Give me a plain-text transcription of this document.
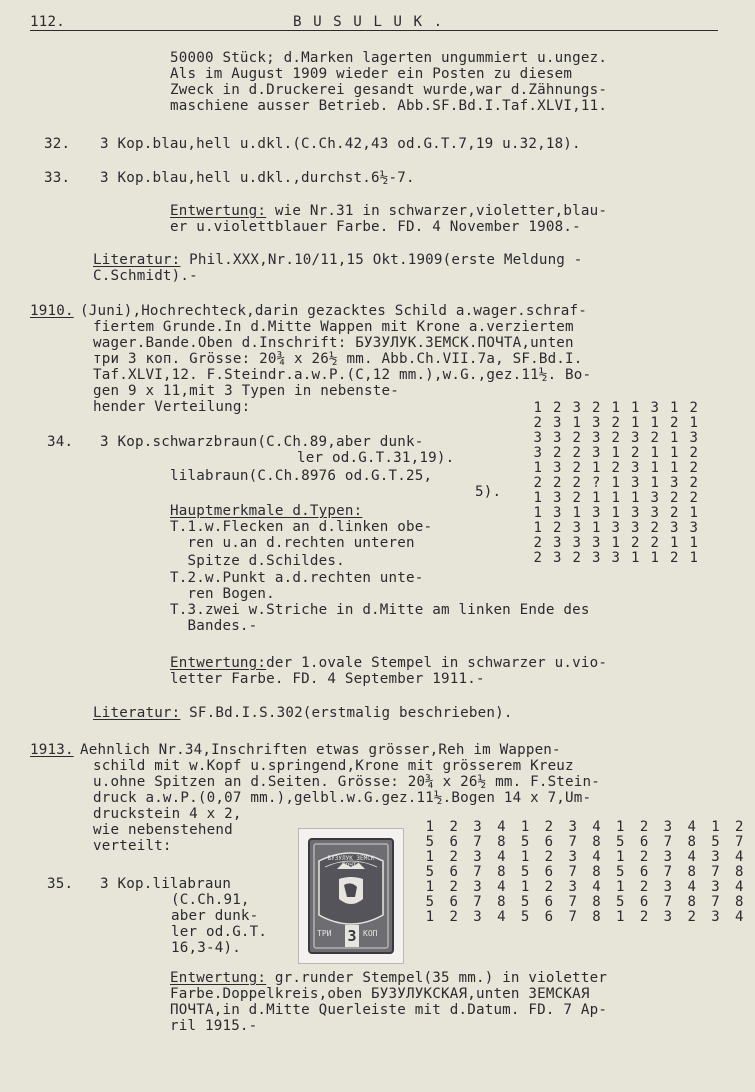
112.	B U S U L U K .
50000 Stück; d.Marken lagerten ungummiert u.ungez.
Als im August 1909 wieder ein Posten zu diesem
Zweck in d.Druckerei gesandt wurde,war d.Zähnungs-
maschiene ausser Betrieb. Abb.SF.Bd.I.Taf.XLVI,11.
32. 3 Kop.blau,hell u.dkl.(C.Ch.42,43 od.G.T.7,19 u.32,18).
33. 3 Kop.blau,hell u.dkl.,durchst.6½-7.
Entwertung: wie Nr.31 in schwarzer,violetter,blau-
er u.violettblauer Farbe. FD. 4 November 1908.-
Literatur: Phil.XXX,Nr.10/11,15 Okt.1909(erste Meldung -
C.Schmidt).-
1910. (Juni),Hochrechteck,darin gezacktes Schild a.wager.schraf-
fiertem Grunde.In d.Mitte Wappen mit Krone a.verziertem
wager.Bande.Oben d.Inschrift: БУЗУЛУК.ЗЕМСК.ПОЧТА,unten
три 3 коп. Grösse: 20¾ x 26½ mm. Abb.Ch.VII.7a, SF.Bd.I.
Taf.XLVI,12. F.Steindr.a.w.P.(C,12 mm.),w.G.,gez.11½. Bo-
gen 9 x 11,mit 3 Typen in nebenste-
hender Verteilung:	1 2 3 2 1 1 3 1 2
2 3 1 3 2 1 1 2 1
3 3 2 3 2 3 2 1 3
3 2 2 3 1 2 1 1 2
1 3 2 1 2 3 1 1 2
2 2 2 ? 1 3 1 3 2
1 3 2 1 1 1 3 2 2
1 3 1 3 1 3 3 2 1
1 2 3 1 3 3 2 3 3
2 3 3 3 1 2 2 1 1
2 3 2 3 3 1 1 2 1
34. 3 Kop.schwarzbraun(C.Ch.89,aber dunk-
ler od.G.T.31,19).
lilabraun(C.Ch.8976 od.G.T.25,
5).
Hauptmerkmale d.Typen:
T.1.w.Flecken an d.linken obe-
ren u.an d.rechten unteren
Spitze d.Schildes.
T.2.w.Punkt a.d.rechten unte-
ren Bogen.
T.3.zwei w.Striche in d.Mitte am linken Ende des
Bandes.-
Entwertung:der 1.ovale Stempel in schwarzer u.vio-
letter Farbe. FD. 4 September 1911.-
Literatur: SF.Bd.I.S.302(erstmalig beschrieben).
1913. Aehnlich Nr.34,Inschriften etwas grösser,Reh im Wappen-
schild mit w.Kopf u.springend,Krone mit grösserem Kreuz
u.ohne Spitzen an d.Seiten. Grösse: 20¾ x 26½ mm. F.Stein-
druck a.w.P.(0,07 mm.),gelbl.w.G.gez.11½.Bogen 14 x 7,Um-
druckstein 4 x 2,
wie nebenstehend
verteilt:
БУЗУЛУК ЗЕМСК ПОЧТА
ТРИ	КОП
3
1	2	3	4	1	2	3	4	1	2	3	4	1	2
5	6	7	8	5	6	7	8	5	6	7	8	5	7
1	2	3	4	1	2	3	4	1	2	3	4	3	4
5	6	7	8	5	6	7	8	5	6	7	8	7	8
1	2	3	4	1	2	3	4	1	2	3	4	3	4
5	6	7	8	5	6	7	8	5	6	7	8	7	8
1	2	3	4	5	6	7	8	1	2	3	2	3	4
35. 3 Kop.lilabraun
(C.Ch.91,
aber dunk-
ler od.G.T.
16,3-4).
Entwertung: gr.runder Stempel(35 mm.) in violetter
Farbe.Doppelkreis,oben БУЗУЛУКСКАЯ,unten ЗЕМСКАЯ
ПОЧТА,in d.Mitte Querleiste mit d.Datum. FD. 7 Ap-
ril 1915.-
